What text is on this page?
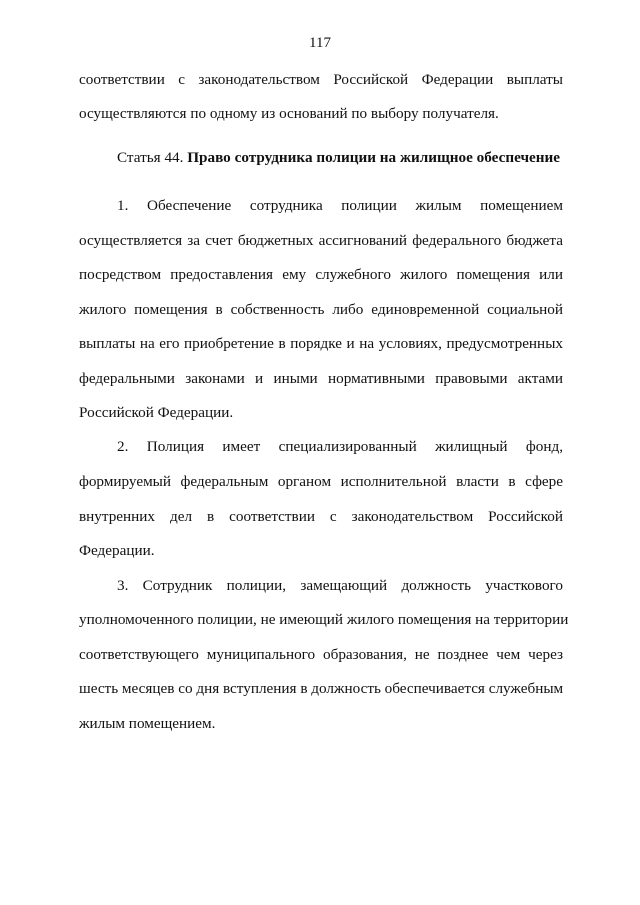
117
соответствии с законодательством Российской Федерации выплаты
осуществляются по одному из оснований по выбору получателя.
Статья 44. Право сотрудника полиции на жилищное обеспечение
1. Обеспечение сотрудника полиции жилым помещением
осуществляется за счет бюджетных ассигнований федерального бюджета
посредством предоставления ему служебного жилого помещения или
жилого помещения в собственность либо единовременной социальной
выплаты на его приобретение в порядке и на условиях, предусмотренных
федеральными законами и иными нормативными правовыми актами
Российской Федерации.
2. Полиция имеет специализированный жилищный фонд,
формируемый федеральным органом исполнительной власти в сфере
внутренних дел в соответствии с законодательством Российской
Федерации.
3. Сотрудник полиции, замещающий должность участкового
уполномоченного полиции, не имеющий жилого помещения на территории
соответствующего муниципального образования, не позднее чем через
шесть месяцев со дня вступления в должность обеспечивается служебным
жилым помещением.
